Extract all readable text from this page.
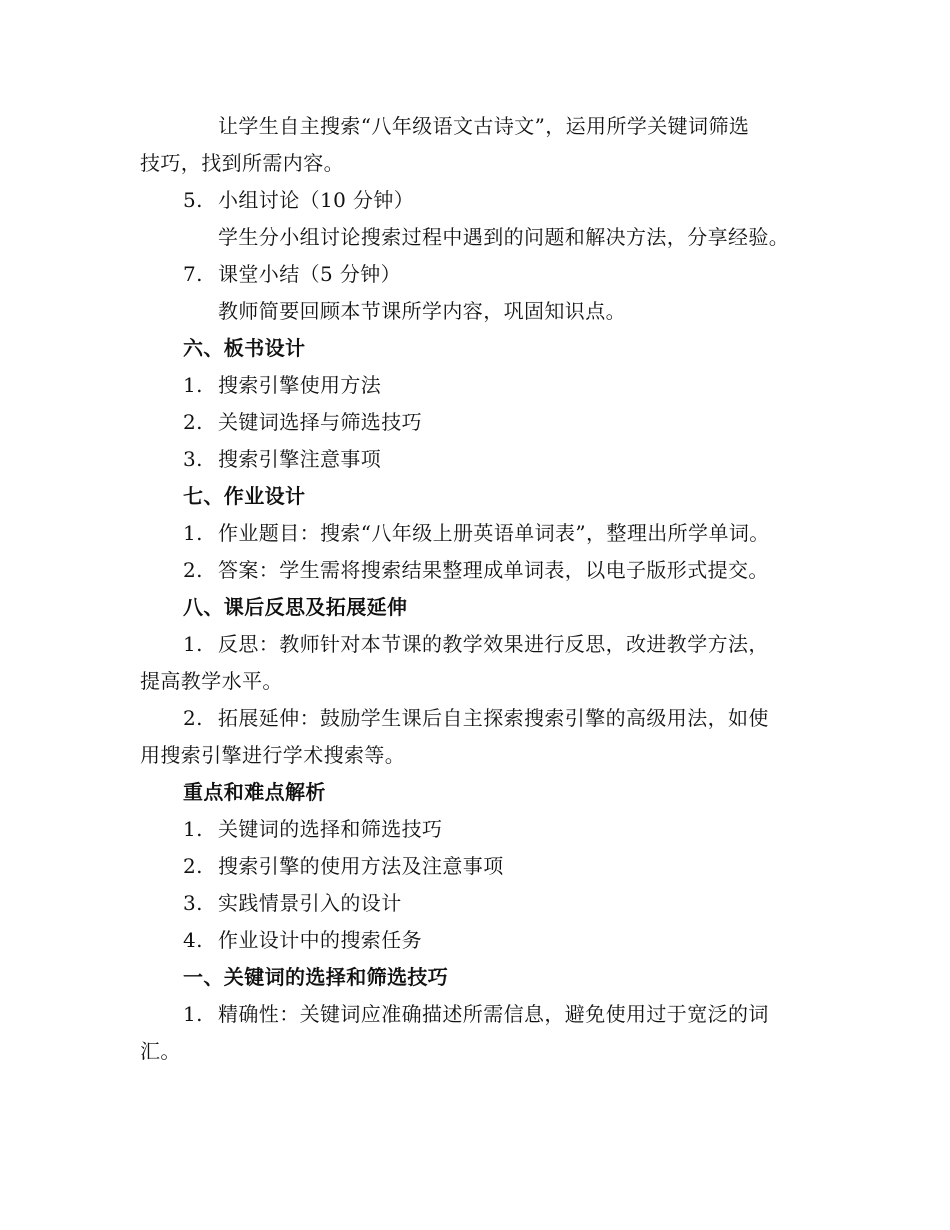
让学生自主搜索“八年级语文古诗文”，运用所学关键词筛选
技巧，找到所需内容。
5. 小组讨论（10 分钟）
学生分小组讨论搜索过程中遇到的问题和解决方法，分享经验。
7. 课堂小结（5 分钟）
教师简要回顾本节课所学内容，巩固知识点。
六、板书设计
1. 搜索引擎使用方法
2. 关键词选择与筛选技巧
3. 搜索引擎注意事项
七、作业设计
1. 作业题目：搜索“八年级上册英语单词表”，整理出所学单词。
2. 答案：学生需将搜索结果整理成单词表，以电子版形式提交。
八、课后反思及拓展延伸
1. 反思：教师针对本节课的教学效果进行反思，改进教学方法，
提高教学水平。
2. 拓展延伸：鼓励学生课后自主探索搜索引擎的高级用法，如使
用搜索引擎进行学术搜索等。
重点和难点解析
1. 关键词的选择和筛选技巧
2. 搜索引擎的使用方法及注意事项
3. 实践情景引入的设计
4. 作业设计中的搜索任务
一、关键词的选择和筛选技巧
1. 精确性：关键词应准确描述所需信息，避免使用过于宽泛的词
汇。
